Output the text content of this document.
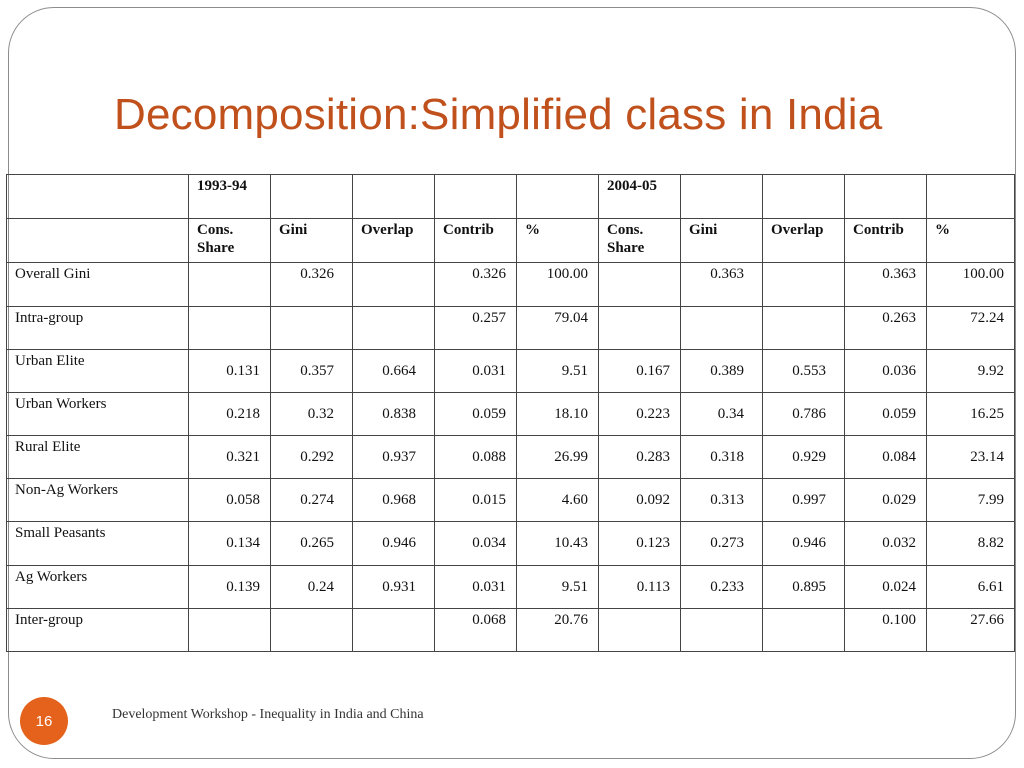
Decomposition:Simplified class in India

	1993-94					2004-05				

	Cons. Share	Gini	Overlap	Contrib	%	Cons. Share	Gini	Overlap	Contrib	%

Overall Gini		0.326		0.326	100.00		0.363		0.363	100.00

Intra-group				0.257	79.04				0.263	72.24

Urban Elite	0.131	0.357	0.664	0.031	9.51	0.167	0.389	0.553	0.036	9.92

Urban Workers	0.218	0.32	0.838	0.059	18.10	0.223	0.34	0.786	0.059	16.25

Rural Elite	0.321	0.292	0.937	0.088	26.99	0.283	0.318	0.929	0.084	23.14

Non-Ag Workers	0.058	0.274	0.968	0.015	4.60	0.092	0.313	0.997	0.029	7.99

Small Peasants	0.134	0.265	0.946	0.034	10.43	0.123	0.273	0.946	0.032	8.82

Ag Workers	0.139	0.24	0.931	0.031	9.51	0.113	0.233	0.895	0.024	6.61

Inter-group				0.068	20.76				0.100	27.66
16	Development Workshop - Inequality in India and China
